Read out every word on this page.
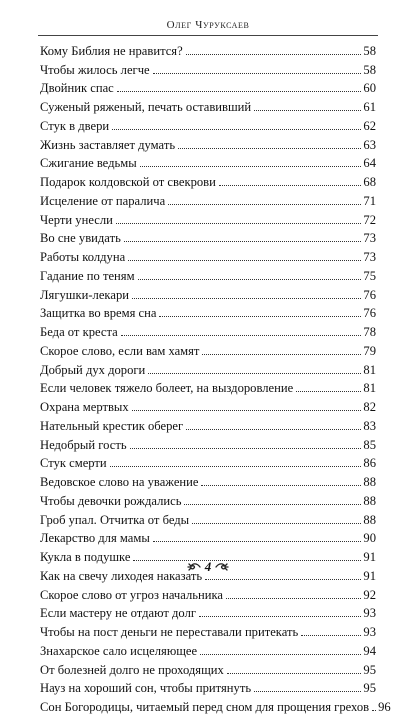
Олег Чуруксаев
Кому Библия не нравится?	58
Чтобы жилось легче	58
Двойник спас	60
Суженый ряженый, печать оставивший	61
Стук в двери	62
Жизнь заставляет думать	63
Сжигание ведьмы	64
Подарок колдовской от свекрови	68
Исцеление от паралича	71
Черти унесли	72
Во сне увидать	73
Работы колдуна	73
Гадание по теням	75
Лягушки-лекари	76
Защитка во время сна	76
Беда от креста	78
Скорое слово, если вам хамят	79
Добрый дух дороги	81
Если человек тяжело болеет, на выздоровление	81
Охрана мертвых	82
Нательный крестик оберег	83
Недобрый гость	85
Стук смерти	86
Ведовское слово на уважение	88
Чтобы девочки рождались	88
Гроб упал. Отчитка от беды	88
Лекарство для мамы	90
Кукла в подушке	91
Как на свечу лиходея наказать	91
Скорое слово от угроз начальника	92
Если мастеру не отдают долг	93
Чтобы на пост деньги не переставали притекать	93
Знахарское сало исцеляющее	94
От болезней долго не проходящих	95
Науз на хороший сон, чтобы притянуть	95
Сон Богородицы, читаемый перед сном для прощения грехов 96
4
